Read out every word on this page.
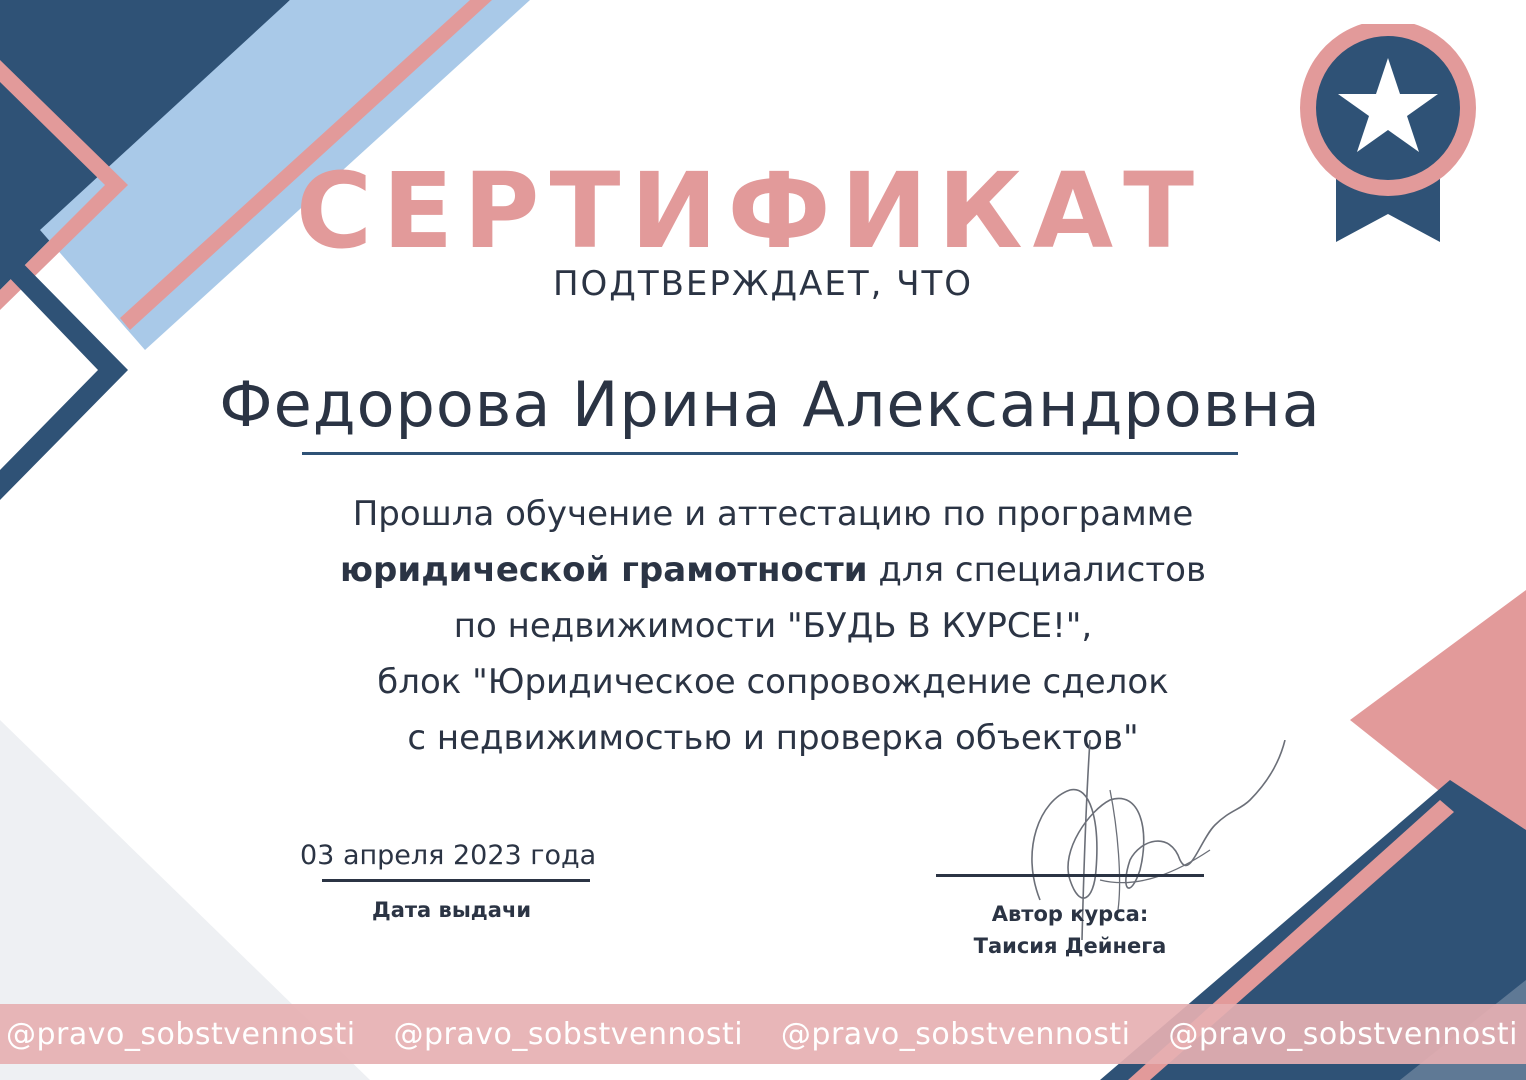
СЕРТИФИКАТ
ПОДТВЕРЖДАЕТ, ЧТО
Федорова Ирина Александровна
Прошла обучение и аттестацию по программе
юридической грамотности для специалистов
по недвижимости "БУДЬ В КУРСЕ!",
блок "Юридическое сопровождение сделок
с недвижимостью и проверка объектов"
03 апреля 2023 года
Дата выдачи	Автор курса:
Таисия Дейнега
@pravo_sobstvennosti @pravo_sobstvennosti @pravo_sobstvennosti @pravo_sobstvennosti
